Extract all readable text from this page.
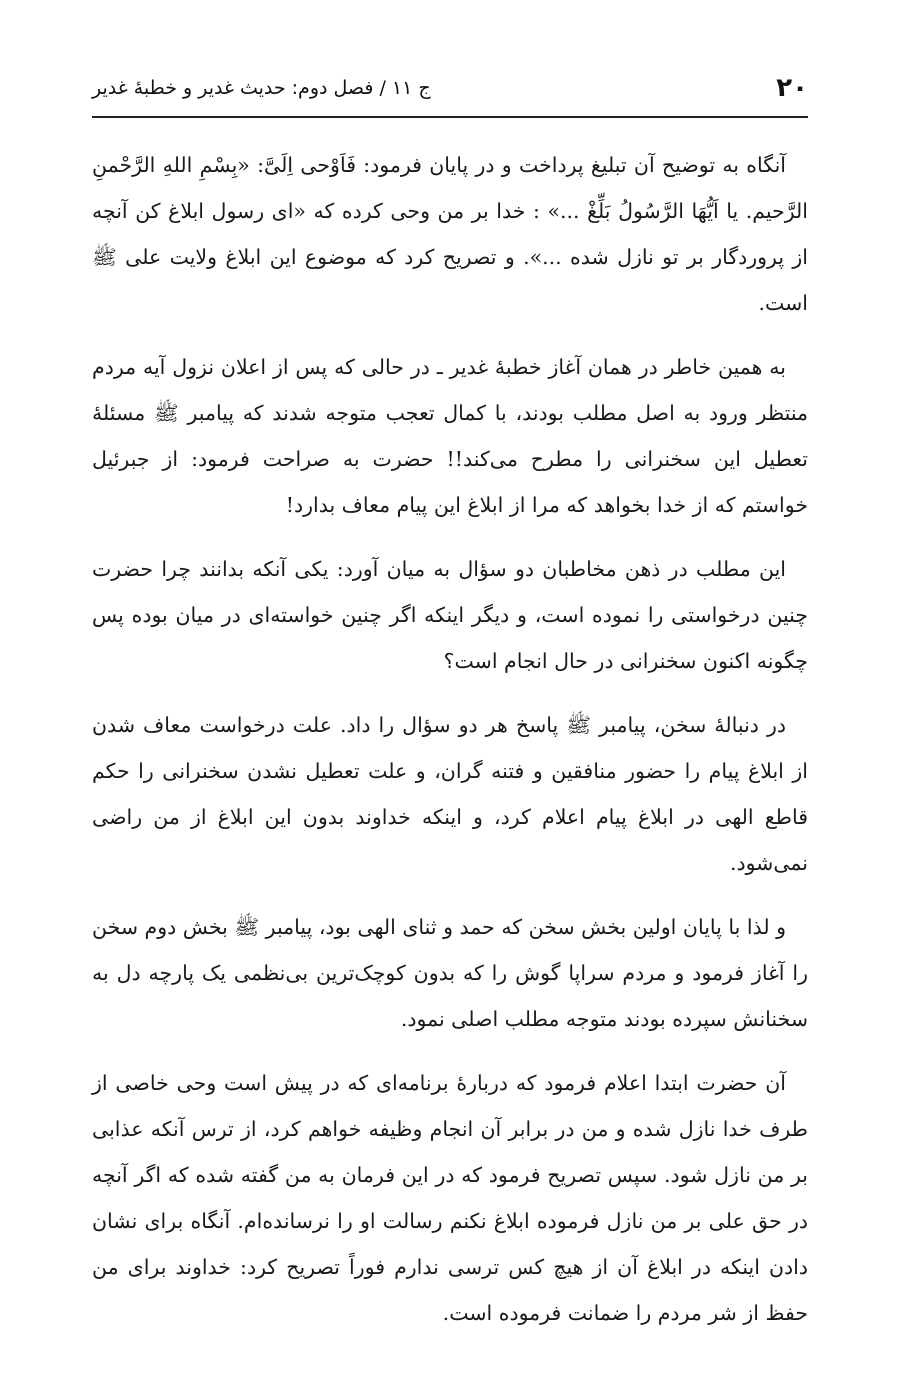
۲۰
ج ۱۱ / فصل دوم: حدیث غدیر و خطبهٔ غدیر

آنگاه به توضیح آن تبلیغ پرداخت و در پایان فرمود: فَاَوْحى اِلَیَّ: «بِسْمِ اللهِ الرَّحْمنِ الرَّحیم. یا اَیُّهَا الرَّسُولُ بَلِّغْ ...» : خدا بر من وحی کرده که «ای رسول ابلاغ کن آنچه از پروردگار بر تو نازل شده ...». و تصریح کرد که موضوع این ابلاغ ولایت علی ﷺ است.

به همین خاطر در همان آغاز خطبهٔ غدیر ـ در حالی که پس از اعلان نزول آیه مردم منتظر ورود به اصل مطلب بودند، با کمال تعجب متوجه شدند که پیامبر ﷺ مسئلهٔ تعطیل این سخنرانی را مطرح می‌کند!! حضرت به صراحت فرمود: از جبرئیل خواستم که از خدا بخواهد که مرا از ابلاغ این پیام معاف بدارد!

این مطلب در ذهن مخاطبان دو سؤال به میان آورد: یکی آنکه بدانند چرا حضرت چنین درخواستی را نموده است، و دیگر اینکه اگر چنین خواسته‌ای در میان بوده پس چگونه اکنون سخنرانی در حال انجام است؟

در دنبالهٔ سخن، پیامبر ﷺ پاسخ هر دو سؤال را داد. علت درخواست معاف شدن از ابلاغ پیام را حضور منافقین و فتنه گران، و علت تعطیل نشدن سخنرانی را حکم قاطع الهی در ابلاغ پیام اعلام کرد، و اینکه خداوند بدون این ابلاغ از من راضی نمی‌شود.

و لذا با پایان اولین بخش سخن که حمد و ثنای الهی بود، پیامبر ﷺ بخش دوم سخن را آغاز فرمود و مردم سراپا گوش را که بدون کوچک‌ترین بی‌نظمی یک پارچه دل به سخنانش سپرده بودند متوجه مطلب اصلی نمود.

آن حضرت ابتدا اعلام فرمود که دربارهٔ برنامه‌ای که در پیش است وحی خاصی از طرف خدا نازل شده و من در برابر آن انجام وظیفه خواهم کرد، از ترس آنکه عذابی بر من نازل شود. سپس تصریح فرمود که در این فرمان به من گفته شده که اگر آنچه در حق علی بر من نازل فرموده ابلاغ نکنم رسالت او را نرسانده‌ام. آنگاه برای نشان دادن اینکه در ابلاغ آن از هیچ کس ترسی ندارم فوراً تصریح کرد: خداوند برای من حفظ از شر مردم را ضمانت فرموده است.
